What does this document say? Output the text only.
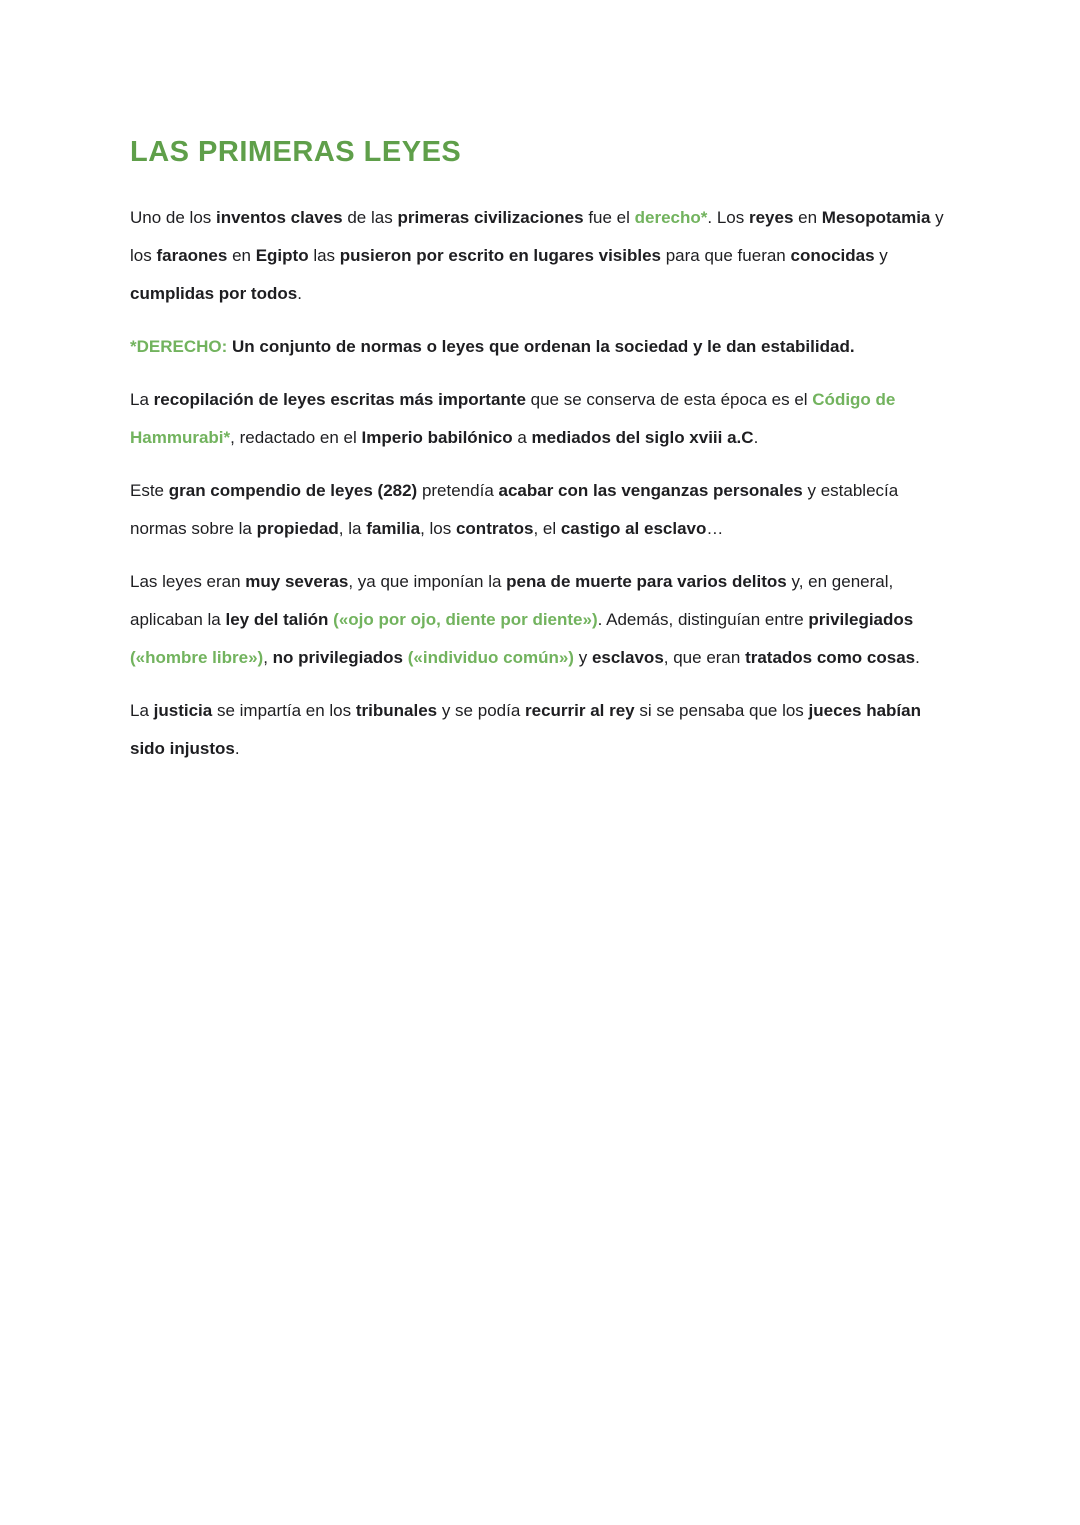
LAS PRIMERAS LEYES

Uno de los inventos claves de las primeras civilizaciones fue el derecho*. Los reyes en Mesopotamia y los faraones en Egipto las pusieron por escrito en lugares visibles para que fueran conocidas y cumplidas por todos.

*DERECHO: Un conjunto de normas o leyes que ordenan la sociedad y le dan estabilidad.

La recopilación de leyes escritas más importante que se conserva de esta época es el Código de Hammurabi*, redactado en el Imperio babilónico a mediados del siglo xviii a.C.

Este gran compendio de leyes (282) pretendía acabar con las venganzas personales y establecía normas sobre la propiedad, la familia, los contratos, el castigo al esclavo…

Las leyes eran muy severas, ya que imponían la pena de muerte para varios delitos y, en general, aplicaban la ley del talión («ojo por ojo, diente por diente»). Además, distinguían entre privilegiados («hombre libre»), no privilegiados («individuo común») y esclavos, que eran tratados como cosas.

La justicia se impartía en los tribunales y se podía recurrir al rey si se pensaba que los jueces habían sido injustos.
